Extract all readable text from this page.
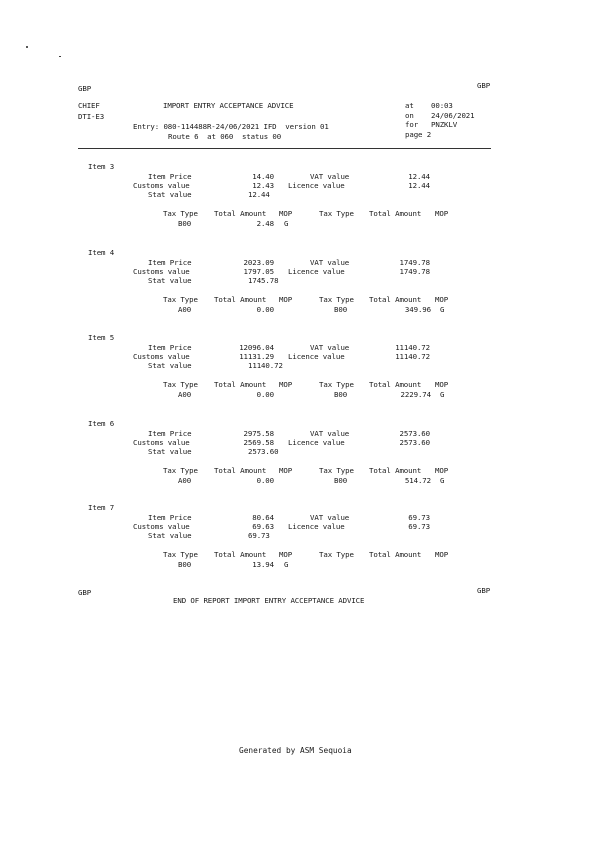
GBP	GBP
CHIEF	IMPORT ENTRY ACCEPTANCE ADVICE	at 00:03
DTI-E3	on 24/06/2021
Entry: 080-114488R-24/06/2021 IFD  version 01	for PNZKLV
Route 6  at 060  status 00	page 2
Item 3
Item Price	14.40	VAT value	12.44
Customs value	12.43 Licence value	12.44
Stat value	12.44
Tax Type Total Amount MOP	Tax Type Total Amount MOP
B00	2.48 G
Item 4
Item Price	2023.09	VAT value	1749.78
Customs value	1797.05 Licence value	1749.78
Stat value	1745.78
Tax Type Total Amount MOP	Tax Type Total Amount MOP
A00	0.00	B00	349.96 G
Item 5
Item Price	12096.04	VAT value	11140.72
Customs value	11131.29 Licence value	11140.72
Stat value	11140.72
Tax Type Total Amount MOP	Tax Type Total Amount MOP
A00	0.00	B00	2229.74 G
Item 6
Item Price	2975.58	VAT value	2573.60
Customs value	2569.58 Licence value	2573.60
Stat value	2573.60
Tax Type Total Amount MOP	Tax Type Total Amount MOP
A00	0.00	B00	514.72 G
Item 7
Item Price	80.64	VAT value	69.73
Customs value	69.63 Licence value	69.73
Stat value	69.73
Tax Type Total Amount MOP	Tax Type Total Amount MOP
B00	13.94 G
GBP	GBP
END OF REPORT IMPORT ENTRY ACCEPTANCE ADVICE
Generated by ASM Sequoia
